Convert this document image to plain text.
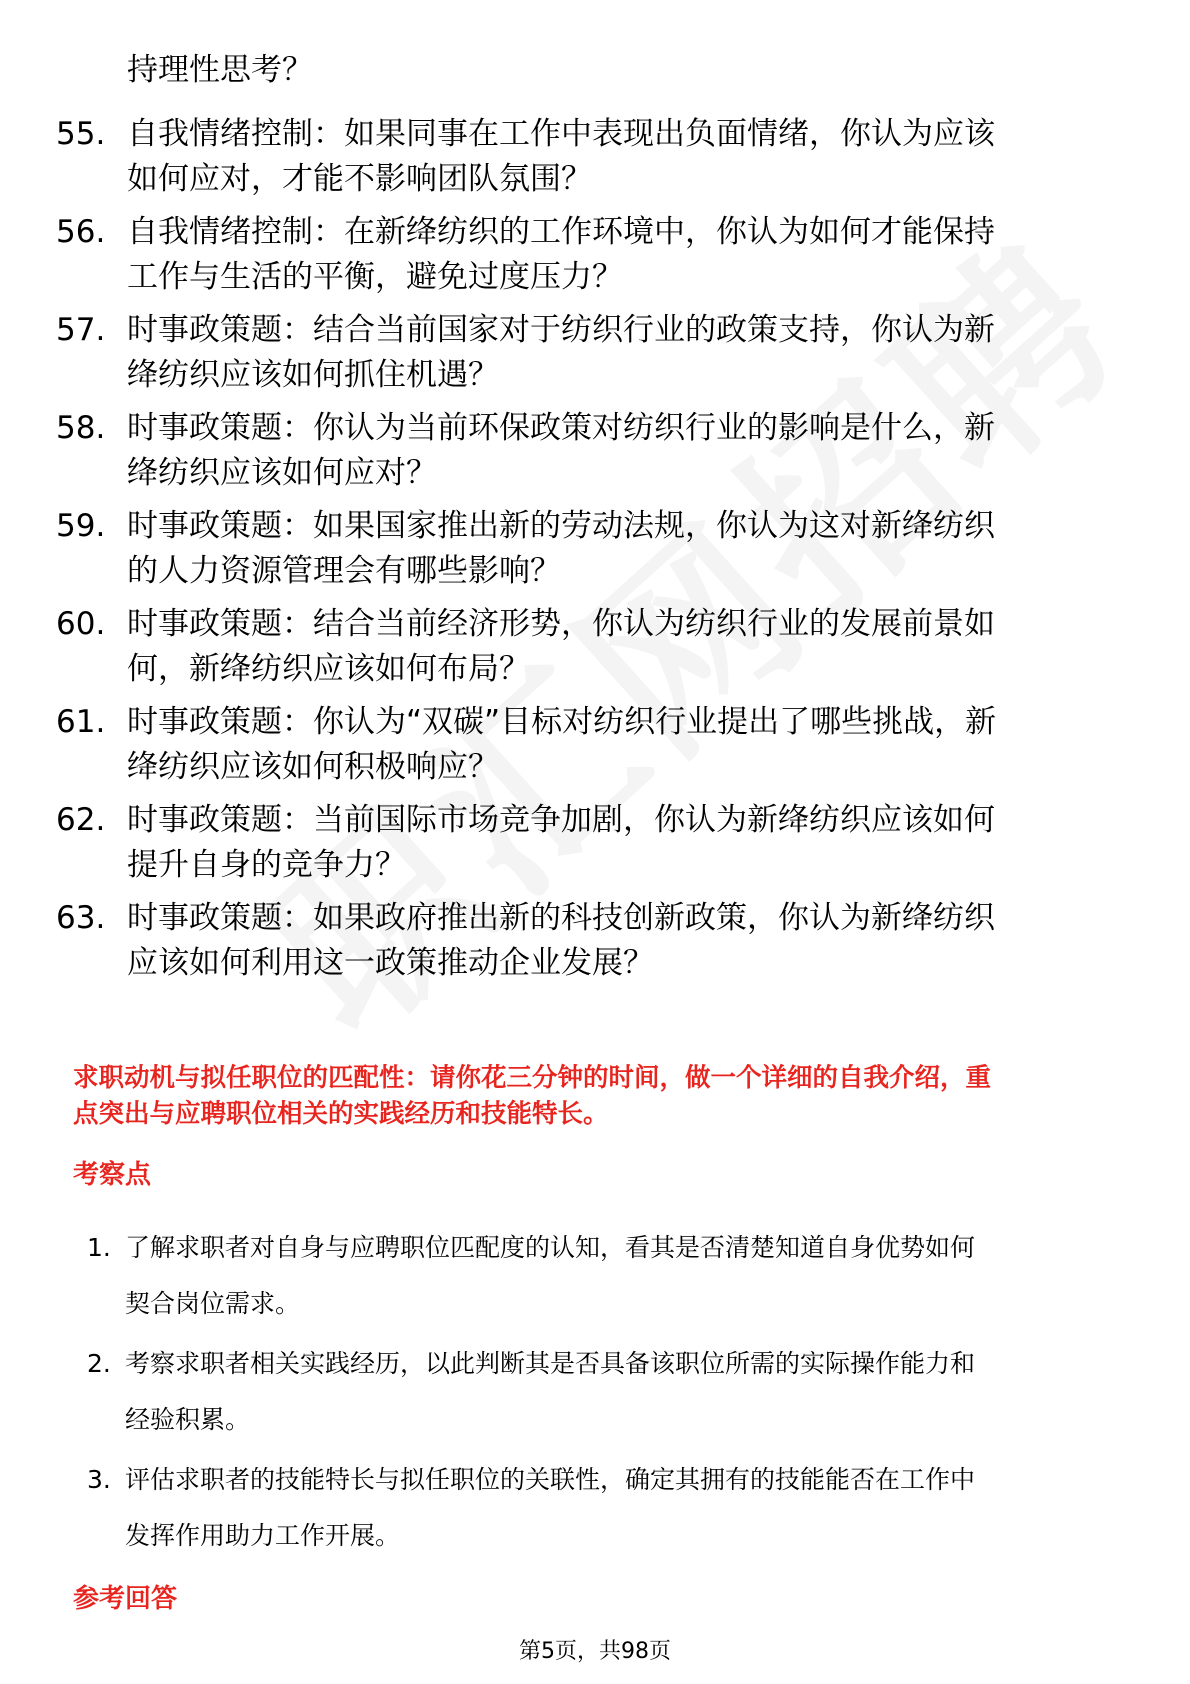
持理性思考？
55. 自我情绪控制：如果同事在工作中表现出负面情绪，你认为应该
如何应对，才能不影响团队氛围？
56. 自我情绪控制：在新绛纺织的工作环境中，你认为如何才能保持
工作与生活的平衡，避免过度压力？
57. 时事政策题：结合当前国家对于纺织行业的政策支持，你认为新
绛纺织应该如何抓住机遇？
58. 时事政策题：你认为当前环保政策对纺织行业的影响是什么，新
绛纺织应该如何应对？
59. 时事政策题：如果国家推出新的劳动法规，你认为这对新绛纺织
的人力资源管理会有哪些影响？
60. 时事政策题：结合当前经济形势，你认为纺织行业的发展前景如
何，新绛纺织应该如何布局？
61. 时事政策题：你认为“双碳”目标对纺织行业提出了哪些挑战，新
绛纺织应该如何积极响应？
62. 时事政策题：当前国际市场竞争加剧，你认为新绛纺织应该如何
提升自身的竞争力？
63. 时事政策题：如果政府推出新的科技创新政策，你认为新绛纺织
应该如何利用这一政策推动企业发展？
求职动机与拟任职位的匹配性：请你花三分钟的时间，做一个详细的自我介绍，重
点突出与应聘职位相关的实践经历和技能特长。
考察点
1. 了解求职者对自身与应聘职位匹配度的认知，看其是否清楚知道自身优势如何
契合岗位需求。
2. 考察求职者相关实践经历，以此判断其是否具备该职位所需的实际操作能力和
经验积累。
3. 评估求职者的技能特长与拟任职位的关联性，确定其拥有的技能能否在工作中
发挥作用助力工作开展。
参考回答
第5页，共98页
